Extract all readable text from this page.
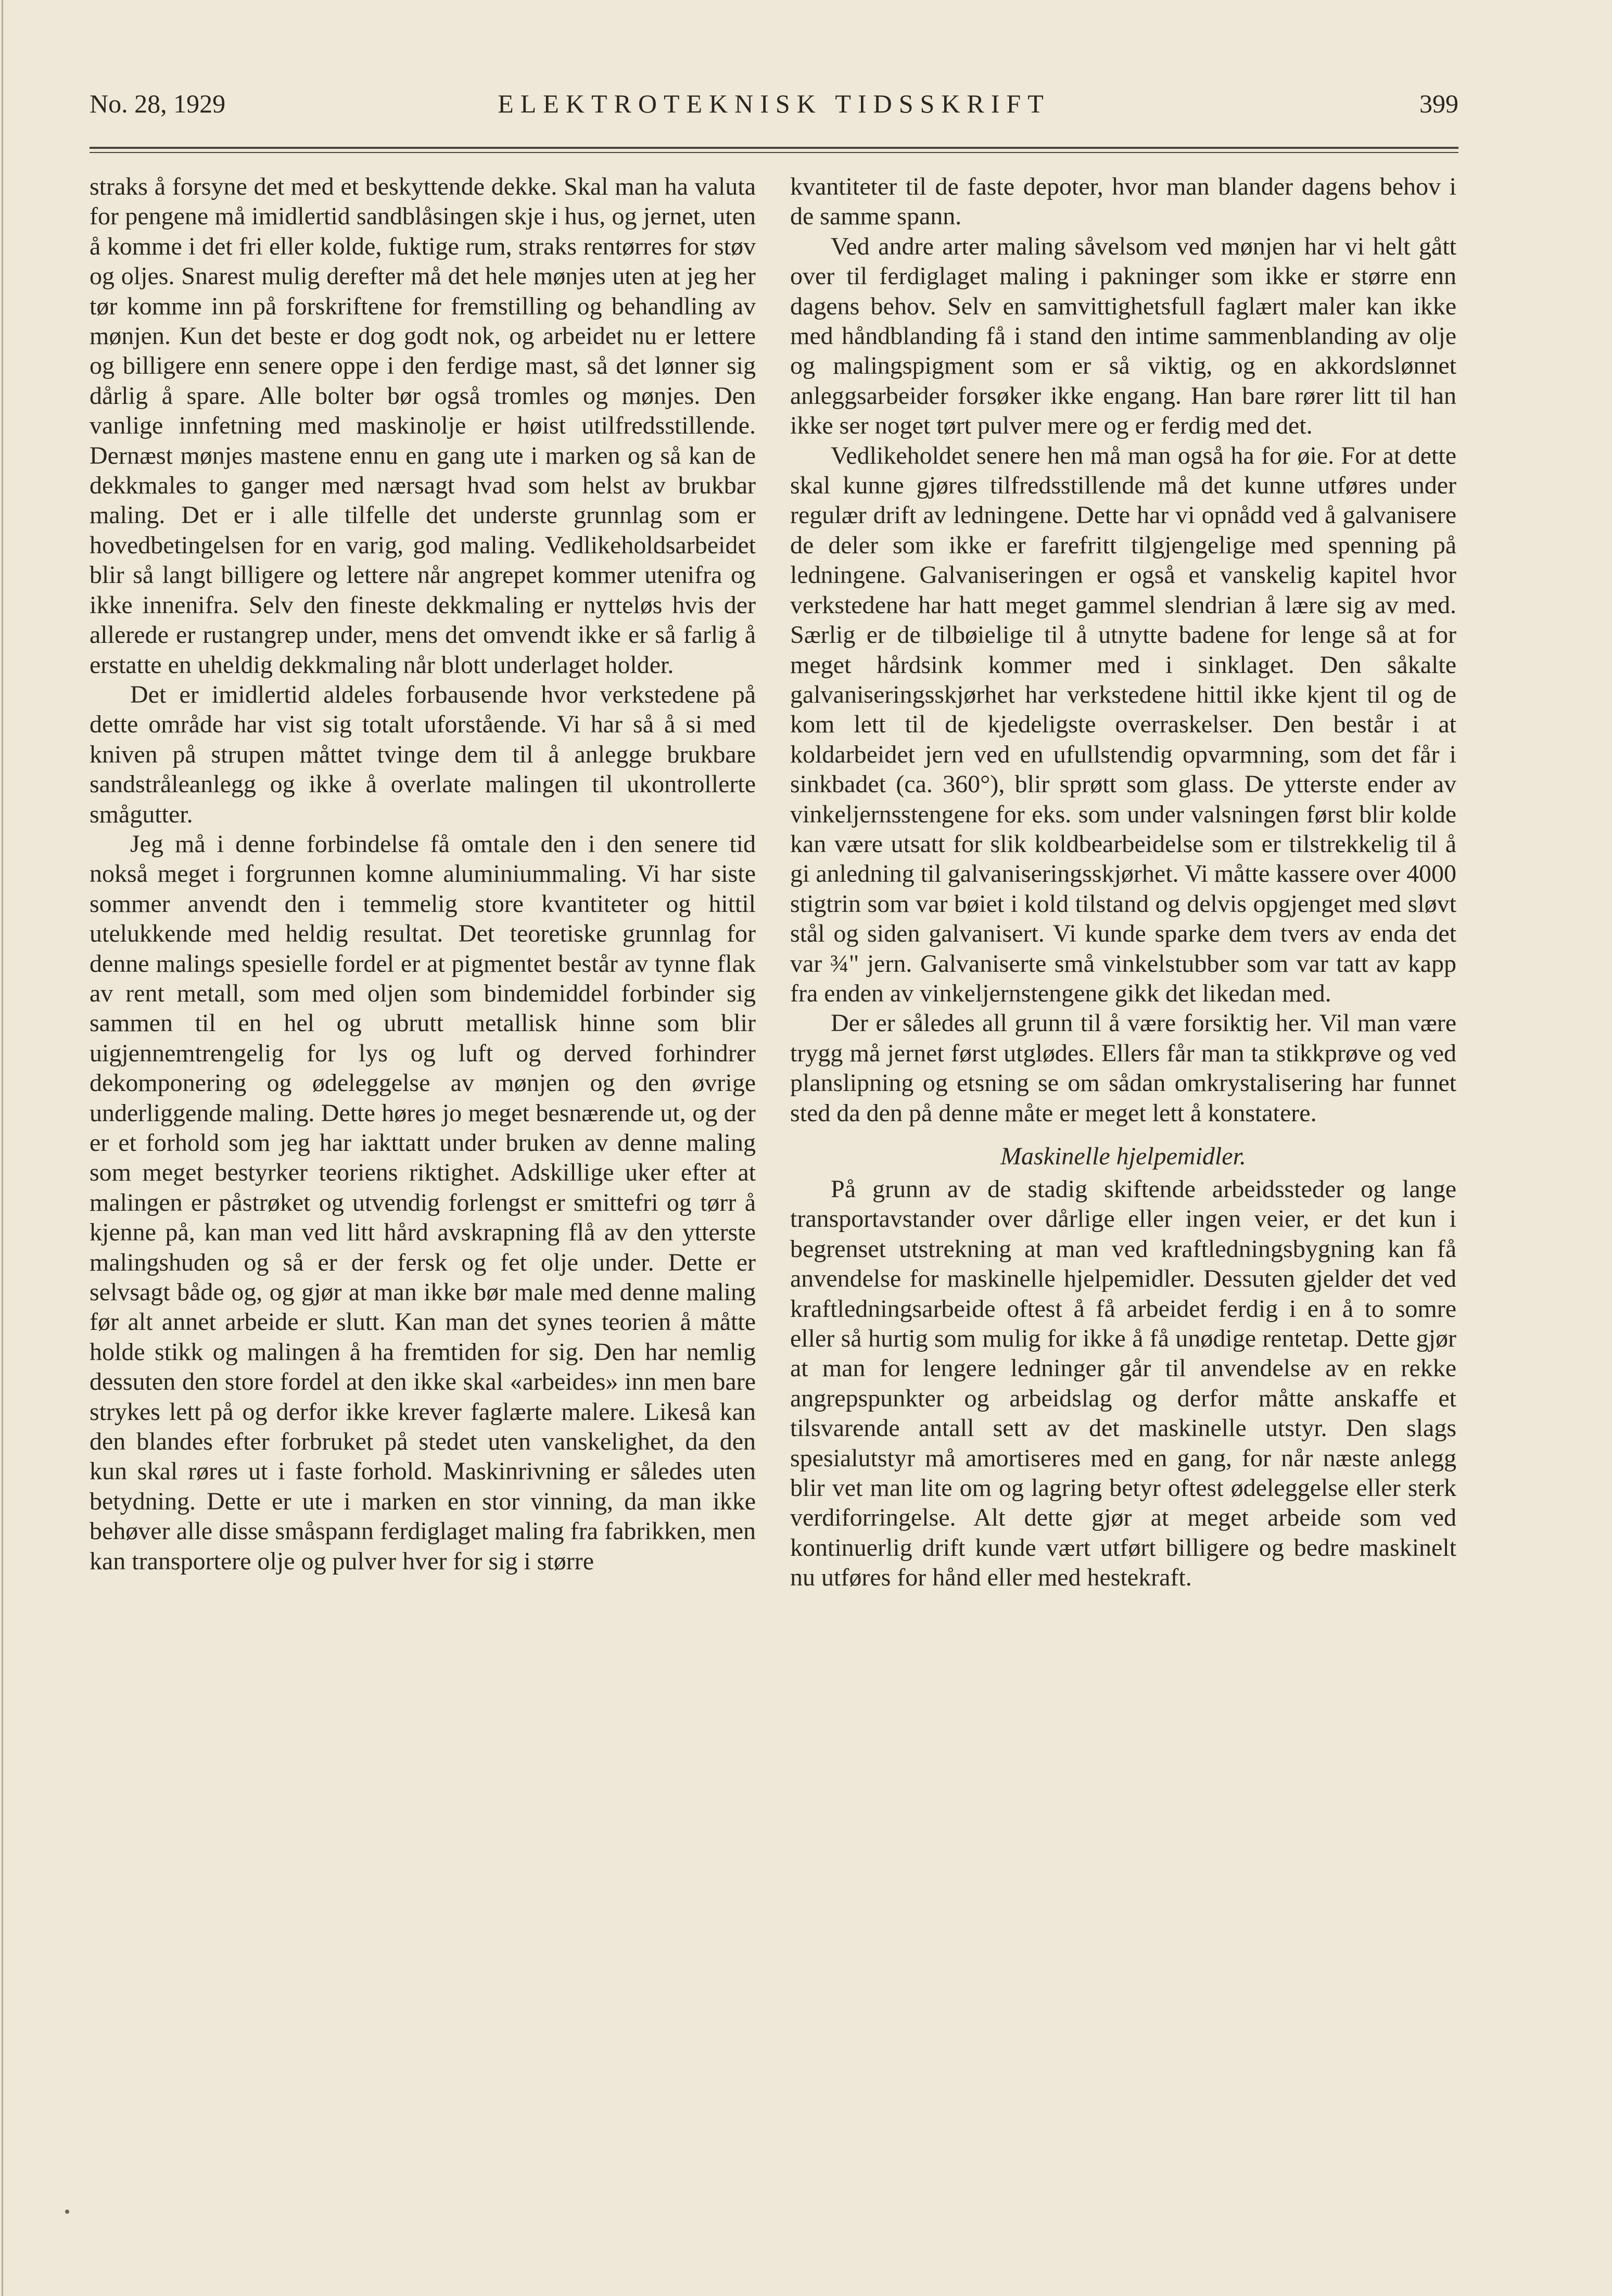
No. 28, 1929	ELEKTROTEKNISK TIDSSKRIFT	399

straks å forsyne det med et beskyttende dekke. Skal man ha valuta for pengene må imidlertid sandblåsingen skje i hus, og jernet, uten å komme i det fri eller kolde, fuktige rum, straks rentørres for støv og oljes. Snarest mulig derefter må det hele mønjes uten at jeg her tør komme inn på forskriftene for fremstilling og behandling av mønjen. Kun det beste er dog godt nok, og arbeidet nu er lettere og billigere enn senere oppe i den ferdige mast, så det lønner sig dårlig å spare. Alle bolter bør også tromles og mønjes. Den vanlige innfetning med maskinolje er høist utilfredsstillende. Dernæst mønjes mastene ennu en gang ute i marken og så kan de dekkmales to ganger med nærsagt hvad som helst av brukbar maling. Det er i alle tilfelle det underste grunnlag som er hovedbetingelsen for en varig, god maling. Vedlikeholdsarbeidet blir så langt billigere og lettere når angrepet kommer utenifra og ikke innenifra. Selv den fineste dekkmaling er nytteløs hvis der allerede er rustangrep under, mens det omvendt ikke er så farlig å erstatte en uheldig dekkmaling når blott underlaget holder.

Det er imidlertid aldeles forbausende hvor verkstedene på dette område har vist sig totalt uforstående. Vi har så å si med kniven på strupen måttet tvinge dem til å anlegge brukbare sandstråleanlegg og ikke å overlate malingen til ukontrollerte smågutter.

Jeg må i denne forbindelse få omtale den i den senere tid nokså meget i forgrunnen komne aluminiummaling. Vi har siste sommer anvendt den i temmelig store kvantiteter og hittil utelukkende med heldig resultat. Det teoretiske grunnlag for denne malings spesielle fordel er at pigmentet består av tynne flak av rent metall, som med oljen som bindemiddel forbinder sig sammen til en hel og ubrutt metallisk hinne som blir uigjennemtrengelig for lys og luft og derved forhindrer dekomponering og ødeleggelse av mønjen og den øvrige underliggende maling. Dette høres jo meget besnærende ut, og der er et forhold som jeg har iakttatt under bruken av denne maling som meget bestyrker teoriens riktighet. Adskillige uker efter at malingen er påstrøket og utvendig forlengst er smittefri og tørr å kjenne på, kan man ved litt hård avskrapning flå av den ytterste malingshuden og så er der fersk og fet olje under. Dette er selvsagt både og, og gjør at man ikke bør male med denne maling før alt annet arbeide er slutt. Kan man det synes teorien å måtte holde stikk og malingen å ha fremtiden for sig. Den har nemlig dessuten den store fordel at den ikke skal «arbeides» inn men bare strykes lett på og derfor ikke krever faglærte malere. Likeså kan den blandes efter forbruket på stedet uten vanskelighet, da den kun skal røres ut i faste forhold. Maskinrivning er således uten betydning. Dette er ute i marken en stor vinning, da man ikke behøver alle disse småspann ferdiglaget maling fra fabrikken, men kan transportere olje og pulver hver for sig i større

kvantiteter til de faste depoter, hvor man blander dagens behov i de samme spann.

Ved andre arter maling såvelsom ved mønjen har vi helt gått over til ferdiglaget maling i pakninger som ikke er større enn dagens behov. Selv en samvittighetsfull faglært maler kan ikke med håndblanding få i stand den intime sammenblanding av olje og malingspigment som er så viktig, og en akkordslønnet anleggsarbeider forsøker ikke engang. Han bare rører litt til han ikke ser noget tørt pulver mere og er ferdig med det.

Vedlikeholdet senere hen må man også ha for øie. For at dette skal kunne gjøres tilfredsstillende må det kunne utføres under regulær drift av ledningene. Dette har vi opnådd ved å galvanisere de deler som ikke er farefritt tilgjengelige med spenning på ledningene. Galvaniseringen er også et vanskelig kapitel hvor verkstedene har hatt meget gammel slendrian å lære sig av med. Særlig er de tilbøielige til å utnytte badene for lenge så at for meget hårdsink kommer med i sinklaget. Den såkalte galvaniseringsskjørhet har verkstedene hittil ikke kjent til og de kom lett til de kjedeligste overraskelser. Den består i at koldarbeidet jern ved en ufullstendig opvarmning, som det får i sinkbadet (ca. 360°), blir sprøtt som glass. De ytterste ender av vinkeljernsstengene for eks. som under valsningen først blir kolde kan være utsatt for slik koldbearbeidelse som er tilstrekkelig til å gi anledning til galvaniseringsskjørhet. Vi måtte kassere over 4000 stigtrin som var bøiet i kold tilstand og delvis opgjenget med sløvt stål og siden galvanisert. Vi kunde sparke dem tvers av enda det var ¾" jern. Galvaniserte små vinkelstubber som var tatt av kapp fra enden av vinkeljernstengene gikk det likedan med.

Der er således all grunn til å være forsiktig her. Vil man være trygg må jernet først utglødes. Ellers får man ta stikkprøve og ved planslipning og etsning se om sådan omkrystalisering har funnet sted da den på denne måte er meget lett å konstatere.

Maskinelle hjelpemidler.

På grunn av de stadig skiftende arbeidssteder og lange transportavstander over dårlige eller ingen veier, er det kun i begrenset utstrekning at man ved kraftledningsbygning kan få anvendelse for maskinelle hjelpemidler. Dessuten gjelder det ved kraftledningsarbeide oftest å få arbeidet ferdig i en å to somre eller så hurtig som mulig for ikke å få unødige rentetap. Dette gjør at man for lengere ledninger går til anvendelse av en rekke angrepspunkter og arbeidslag og derfor måtte anskaffe et tilsvarende antall sett av det maskinelle utstyr. Den slags spesialutstyr må amortiseres med en gang, for når næste anlegg blir vet man lite om og lagring betyr oftest ødeleggelse eller sterk verdiforringelse. Alt dette gjør at meget arbeide som ved kontinuerlig drift kunde vært utført billigere og bedre maskinelt nu utføres for hånd eller med hestekraft.
